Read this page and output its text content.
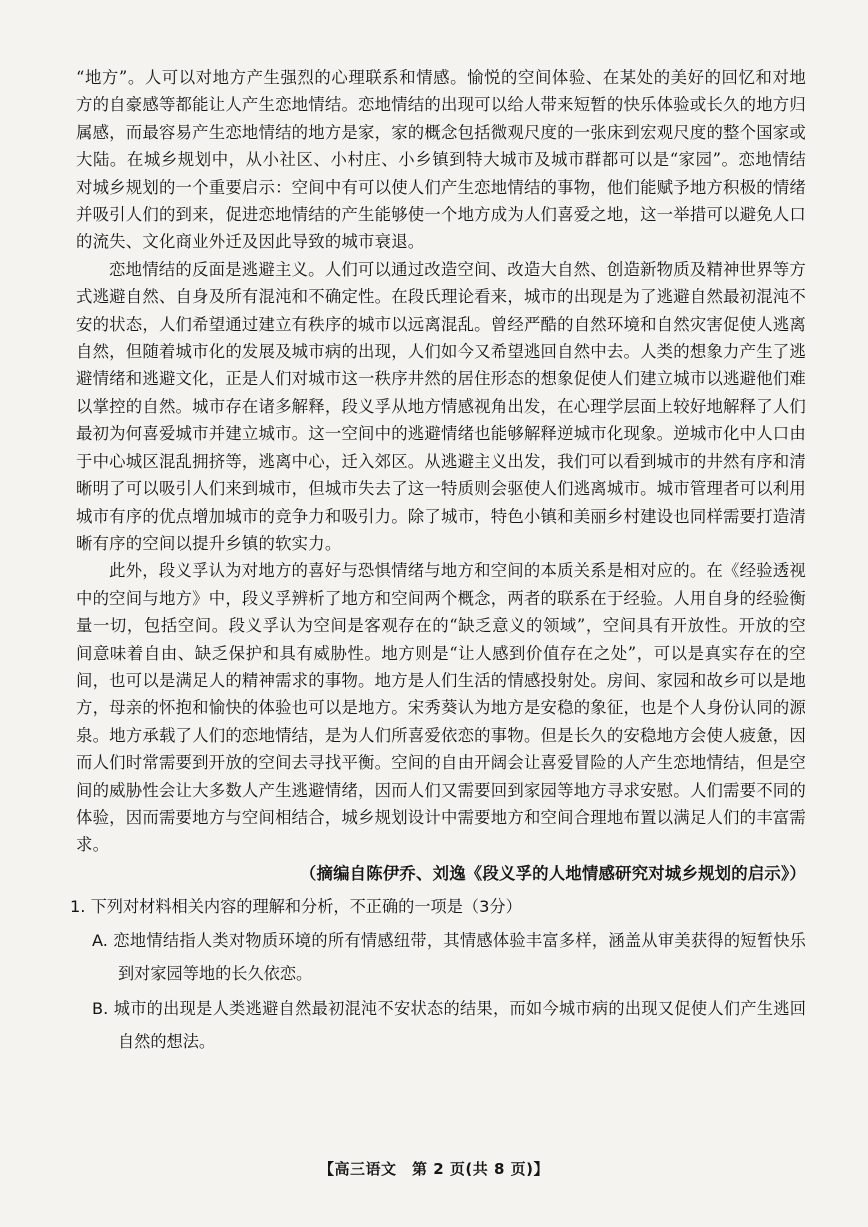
“地方”。人可以对地方产生强烈的心理联系和情感。愉悦的空间体验、在某处的美好的回忆和对地方的自豪感等都能让人产生恋地情结。恋地情结的出现可以给人带来短暂的快乐体验或长久的地方归属感，而最容易产生恋地情结的地方是家，家的概念包括微观尺度的一张床到宏观尺度的整个国家或大陆。在城乡规划中，从小社区、小村庄、小乡镇到特大城市及城市群都可以是“家园”。恋地情结对城乡规划的一个重要启示：空间中有可以使人们产生恋地情结的事物，他们能赋予地方积极的情绪并吸引人们的到来，促进恋地情结的产生能够使一个地方成为人们喜爱之地，这一举措可以避免人口的流失、文化商业外迁及因此导致的城市衰退。

恋地情结的反面是逃避主义。人们可以通过改造空间、改造大自然、创造新物质及精神世界等方式逃避自然、自身及所有混沌和不确定性。在段氏理论看来，城市的出现是为了逃避自然最初混沌不安的状态，人们希望通过建立有秩序的城市以远离混乱。曾经严酷的自然环境和自然灾害促使人逃离自然，但随着城市化的发展及城市病的出现，人们如今又希望逃回自然中去。人类的想象力产生了逃避情绪和逃避文化，正是人们对城市这一秩序井然的居住形态的想象促使人们建立城市以逃避他们难以掌控的自然。城市存在诸多解释，段义孚从地方情感视角出发，在心理学层面上较好地解释了人们最初为何喜爱城市并建立城市。这一空间中的逃避情绪也能够解释逆城市化现象。逆城市化中人口由于中心城区混乱拥挤等，逃离中心，迁入郊区。从逃避主义出发，我们可以看到城市的井然有序和清晰明了可以吸引人们来到城市，但城市失去了这一特质则会驱使人们逃离城市。城市管理者可以利用城市有序的优点增加城市的竞争力和吸引力。除了城市，特色小镇和美丽乡村建设也同样需要打造清晰有序的空间以提升乡镇的软实力。

此外，段义孚认为对地方的喜好与恐惧情绪与地方和空间的本质关系是相对应的。在《经验透视中的空间与地方》中，段义孚辨析了地方和空间两个概念，两者的联系在于经验。人用自身的经验衡量一切，包括空间。段义孚认为空间是客观存在的“缺乏意义的领域”，空间具有开放性。开放的空间意味着自由、缺乏保护和具有威胁性。地方则是“让人感到价值存在之处”，可以是真实存在的空间，也可以是满足人的精神需求的事物。地方是人们生活的情感投射处。房间、家园和故乡可以是地方，母亲的怀抱和愉快的体验也可以是地方。宋秀葵认为地方是安稳的象征，也是个人身份认同的源泉。地方承载了人们的恋地情结，是为人们所喜爱依恋的事物。但是长久的安稳地方会使人疲惫，因而人们时常需要到开放的空间去寻找平衡。空间的自由开阔会让喜爱冒险的人产生恋地情结，但是空间的威胁性会让大多数人产生逃避情绪，因而人们又需要回到家园等地方寻求安慰。人们需要不同的体验，因而需要地方与空间相结合，城乡规划设计中需要地方和空间合理地布置以满足人们的丰富需求。

（摘编自陈伊乔、刘逸《段义孚的人地情感研究对城乡规划的启示》）

1. 下列对材料相关内容的理解和分析，不正确的一项是（3分）
A. 恋地情结指人类对物质环境的所有情感纽带，其情感体验丰富多样，涵盖从审美获得的短暂快乐到对家园等地的长久依恋。
B. 城市的出现是人类逃避自然最初混沌不安状态的结果，而如今城市病的出现又促使人们产生逃回自然的想法。
【高三语文　第 2 页(共 8 页)】
